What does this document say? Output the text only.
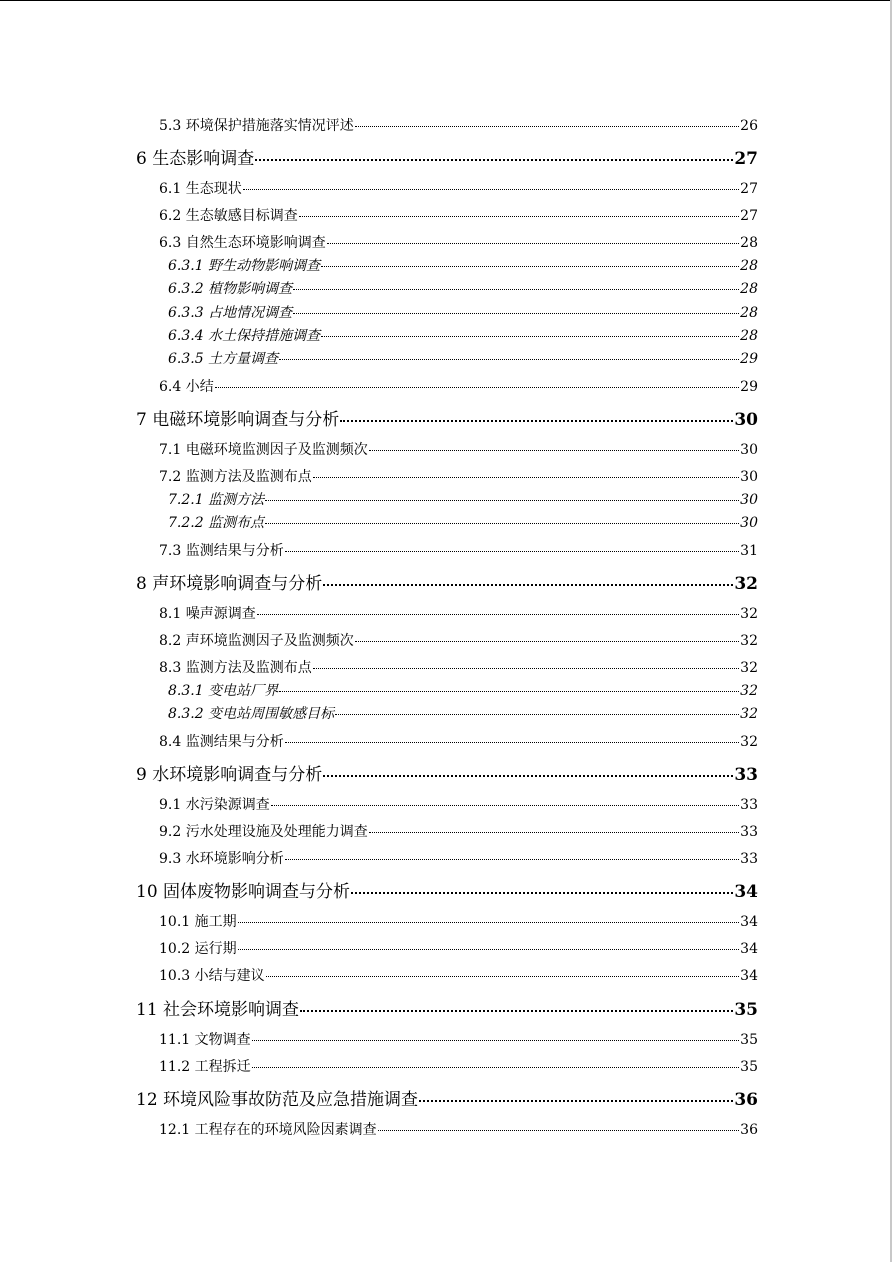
5.3 环境保护措施落实情况评述	26
6 生态影响调查	27
6.1 生态现状	27
6.2 生态敏感目标调查	27
6.3 自然生态环境影响调查	28
6.3.1 野生动物影响调查	28
6.3.2 植物影响调查	28
6.3.3 占地情况调查	28
6.3.4 水土保持措施调查	28
6.3.5 土方量调查	29
6.4 小结	29
7 电磁环境影响调查与分析	30
7.1 电磁环境监测因子及监测频次	30
7.2 监测方法及监测布点	30
7.2.1 监测方法	30
7.2.2 监测布点	30
7.3 监测结果与分析	31
8 声环境影响调查与分析	32
8.1 噪声源调查	32
8.2 声环境监测因子及监测频次	32
8.3 监测方法及监测布点	32
8.3.1 变电站厂界	32
8.3.2 变电站周围敏感目标	32
8.4 监测结果与分析	32
9 水环境影响调查与分析	33
9.1 水污染源调查	33
9.2 污水处理设施及处理能力调查	33
9.3 水环境影响分析	33
10 固体废物影响调查与分析	34
10.1 施工期	34
10.2 运行期	34
10.3 小结与建议	34
11 社会环境影响调查	35
11.1 文物调查	35
11.2 工程拆迁	35
12 环境风险事故防范及应急措施调查	36
12.1 工程存在的环境风险因素调查	36
